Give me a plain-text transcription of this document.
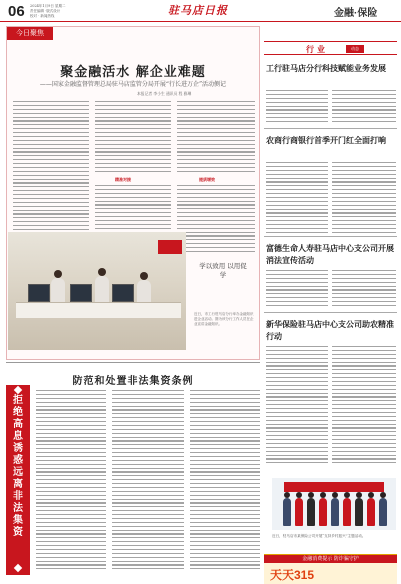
06 2024年1月9日 星期二
责任编辑 ·版式设计
校对 · 新闻热线	驻马店日报	金融·保险
今日聚焦
聚金融活水 解企业难题
——国家金融监督管理总局驻马店监管分局开展“行长进万企”活动侧记
本报记者 李小生 通讯员 程 雅琳
精准对接	提质增效
学以致用 以用促学
近日，市工行驻马店分行举办金融知识进企业活动。图为该分行工作人员在企业宣讲金融知识。
行业	动态
工行驻马店分行科技赋能业务发展
农商行商银行首季开门红全面打响
富德生命人寿驻马店中心支公司开展消法宣传活动
新华保险驻马店中心支公司助农精准行动
近日，驻马店市某保险公司开展“支持乡村振兴”主题活动。
金融消费提示 防诈骗守护
天天315
防范和处置非法集资条例
拒绝高息诱惑远离非法集资
